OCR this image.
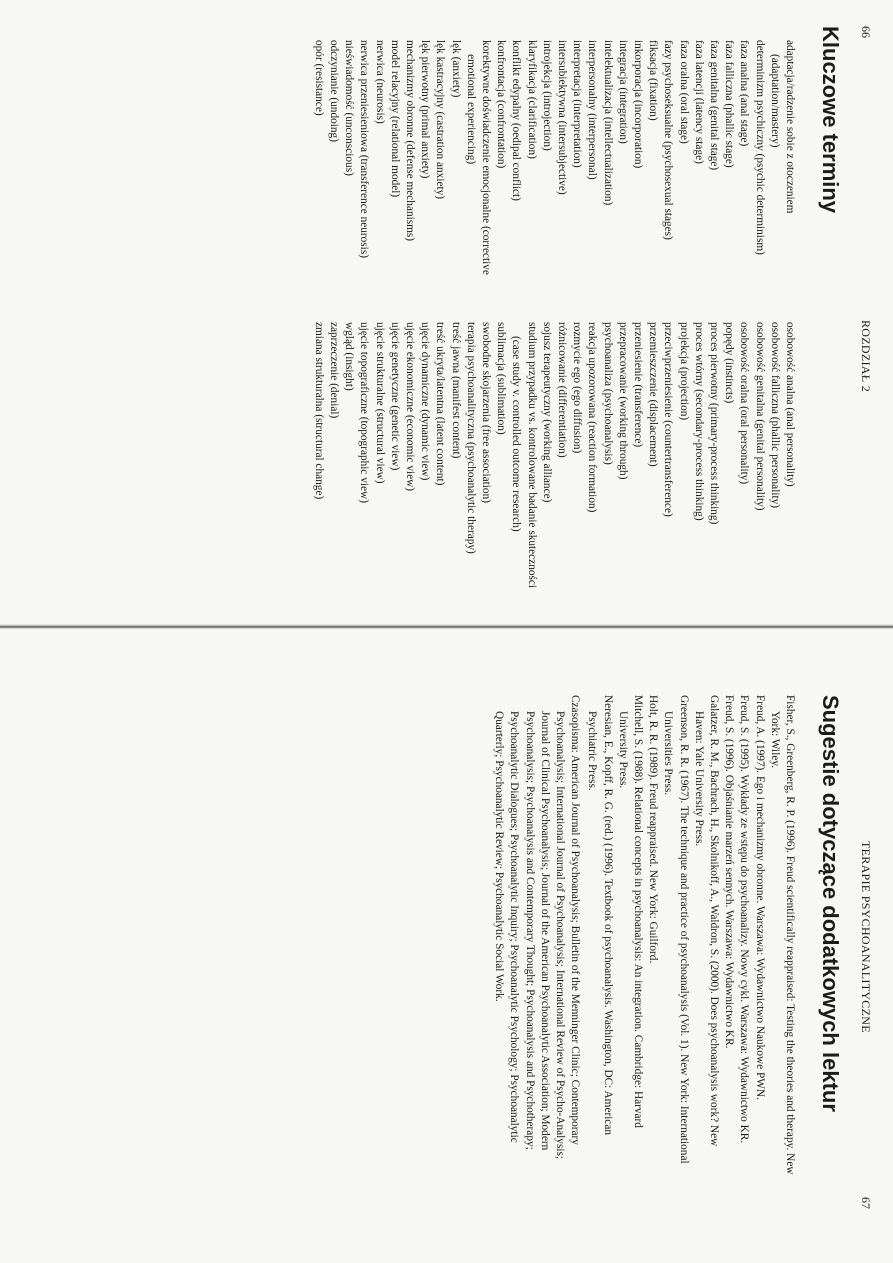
66
ROZDZIAŁ 2
Kluczowe terminy
adaptacja/radzenie sobie z otoczeniem (adaptation/mastery)
determinizm psychiczny (psychic determinism)
faza analna (anal stage)
faza falliczna (phallic stage)
faza genitalna (genital stage)
faza latencji (latency stage)
faza oralna (oral stage)
fazy psychoseksualne (psychosexual stages)
fiksacja (fixation)
inkorporacja (incorporation)
integracja (integration)
intelektualizacja (intellectualization)
interpersonalny (interpersonal)
interpretacja (interpretation)
intersubiektywna (intersubjective)
introjekcja (introjection)
klaryfikacja (clarification)
konflikt edypalny (oedipal conflict)
konfrontacja (confrontation)
korektywne doświadczenie emocjonalne (corrective emotional experiencing)
lęk (anxiety)
lęk kastracyjny (castration anxiety)
lęk pierwotny (primal anxiety)
mechanizmy obronne (defense mechanisms)
model relacyjny (relational model)
nerwica (neurosis)
nerwica przeniesieniowa (transference neurosis)
nieświadomość (unconscious)
odczynianie (undoing)
opór (resistance)
osobowość analna (anal personality)
osobowość falliczna (phallic personality)
osobowość genitalna (genital personality)
osobowość oralna (oral personality)
popędy (instincts)
proces pierwotny (primary-process thinking)
proces wtórny (secondary-process thinking)
projekcja (projection)
przeciwprzeniesienie (countertransference)
przemieszczenie (displacement)
przeniesienie (transference)
przepracowanie (working through)
psychoanaliza (psychoanalysis)
reakcja upozorowana (reaction formation)
rozmycie ego (ego diffusion)
różnicowanie (differentiation)
sojusz terapeutyczny (working alliance)
studium przypadku vs. kontrolowane badanie skuteczności (case study v. controlled outcome research)
sublimacja (sublimation)
swobodne skojarzenia (free association)
terapia psychoanalityczna (psychoanalytic therapy)
treść jawna (manifest content)
treść ukryta/latentna (latent content)
ujęcie dynamiczne (dynamic view)
ujęcie ekonomiczne (economic view)
ujęcie genetyczne (genetic view)
ujęcie strukturalne (structural view)
ujęcie topograficzne (topographic view)
wgląd (insight)
zaprzeczenie (denial)
zmiana strukturalna (structural change)
TERAPIE PSYCHOANALITYCZNE
67
Sugestie dotyczące dodatkowych lektur
Fisher, S., Greenberg, R. P. (1996). Freud scientifically reappraised: Testing the theories and therapy. New York: Wiley.
Freud, A. (1997). Ego i mechanizmy obronne. Warszawa: Wydawnictwo Naukowe PWN.
Freud, S. (1995). Wykłady ze wstępu do psychoanalizy. Nowy cykl. Warszawa: Wydawnictwo KR.
Freud, S. (1996). Objaśnianie marzeń sennych. Warszawa: Wydawnictwo KR.
Galatzer, R. M., Bachrach, H., Skolnikoff, A., Waldron, S. (2000). Does psychoanalysis work? New Haven: Yale University Press.
Greenson, R. R. (1967). The technique and practice of psychoanalysis (Vol. 1). New York: International Universities Press.
Holt, R. R. (1989). Freud reappraised. New York: Guilford.
Mitchell, S. (1988). Relational concepts in psychoanalysis: An integration. Cambridge: Harvard University Press.
Neresian, E., Kopff, R. G. (red.) (1996). Textbook of psychoanalysis. Washington, DC: American Psychiatric Press.
Czasopisma: American Journal of Psychoanalysis; Bulletin of the Menninger Clinic; Contemporary Psychoanalysis; International Journal of Psychoanalysis; International Review of Psycho-Analysis; Journal of Clinical Psychoanalysis; Journal of the American Psychoanalytic Association; Modern Psychoanalysis; Psychoanalysis and Contemporary Thought; Psychoanalysis and Psychotherapy; Psychoanalytic Dialogues; Psychoanalytic Inquiry; Psychoanalytic Psychology; Psychoanalytic Quarterly; Psychoanalytic Review; Psychoanalytic Social Work.
